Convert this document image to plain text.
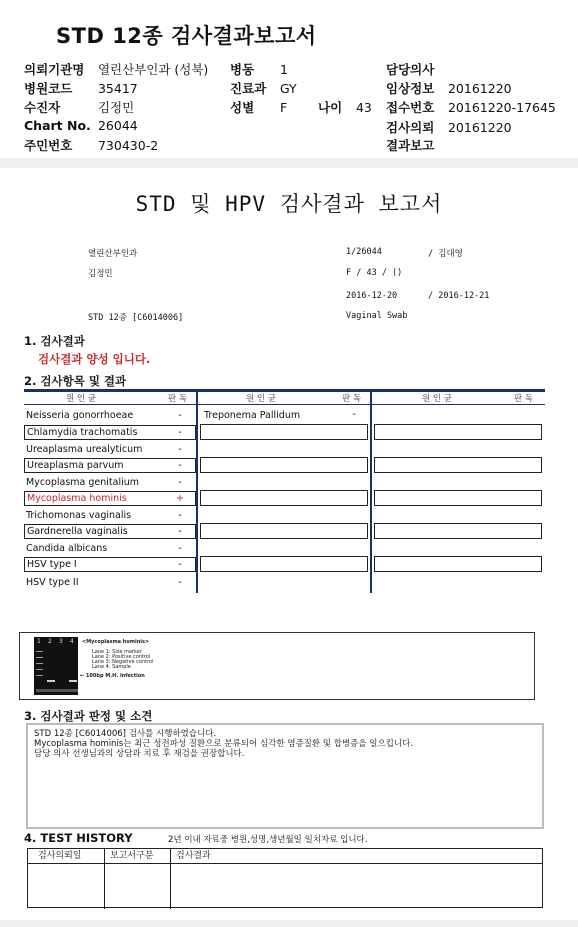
STD 12종 검사결과보고서
의뢰기관명 열린산부인과 (성북)
병원코드 35417
수진자	김정민
Chart No. 26044
주민번호 730430-2
병동 1
진료과 GY
성별 F 나이 43
담당의사
임상정보 20161220
접수번호 20161220-17645
검사의뢰 20161220
결과보고
STD 및 HPV 검사결과 보고서
열린산부인과	1/26044	/ 김대영
김정민	F / 43 / ()
2016-12-20	/ 2016-12-21
STD 12종 [C6014006]	Vaginal Swab
1. 검사결과
검사결과 양성 입니다.
2. 검사항목 및 결과
원 인 균	판 독	원 인 균	판 독	원 인 균	판 독
Neisseria gonorrhoeae	-
Chlamydia trachomatis	-
Ureaplasma urealyticum	-
Ureaplasma parvum	-
Mycoplasma genitalium	-
Mycoplasma hominis	+
Trichomonas vaginalis	-
Gardnerella vaginalis	-
Candida albicans	-
HSV type I	-
HSV type II	-
Treponema Pallidum	-
1 2 3 4 <Mycoplasma hominis>
Lane 1: Size marker
Lane 2: Positive control
Lane 3: Negative control
Lane 4: Sample
← 100bp M.H. infection
3. 검사결과 판정 및 소견
STD 12종 [C6014006] 검사를 시행하였습니다.
Mycoplasma hominis는 최근 성전파성 질환으로 분류되어 심각한 염증질환 및 합병증을 일으킵니다.
담당 의사 선생님과의 상담과 치료 후 재검을 권장합니다.
4. TEST HISTORY	2년 이내 자료중 병원,성명,생년월일 일치자료 입니다.
검사의뢰일	보고서구분	검사결과
